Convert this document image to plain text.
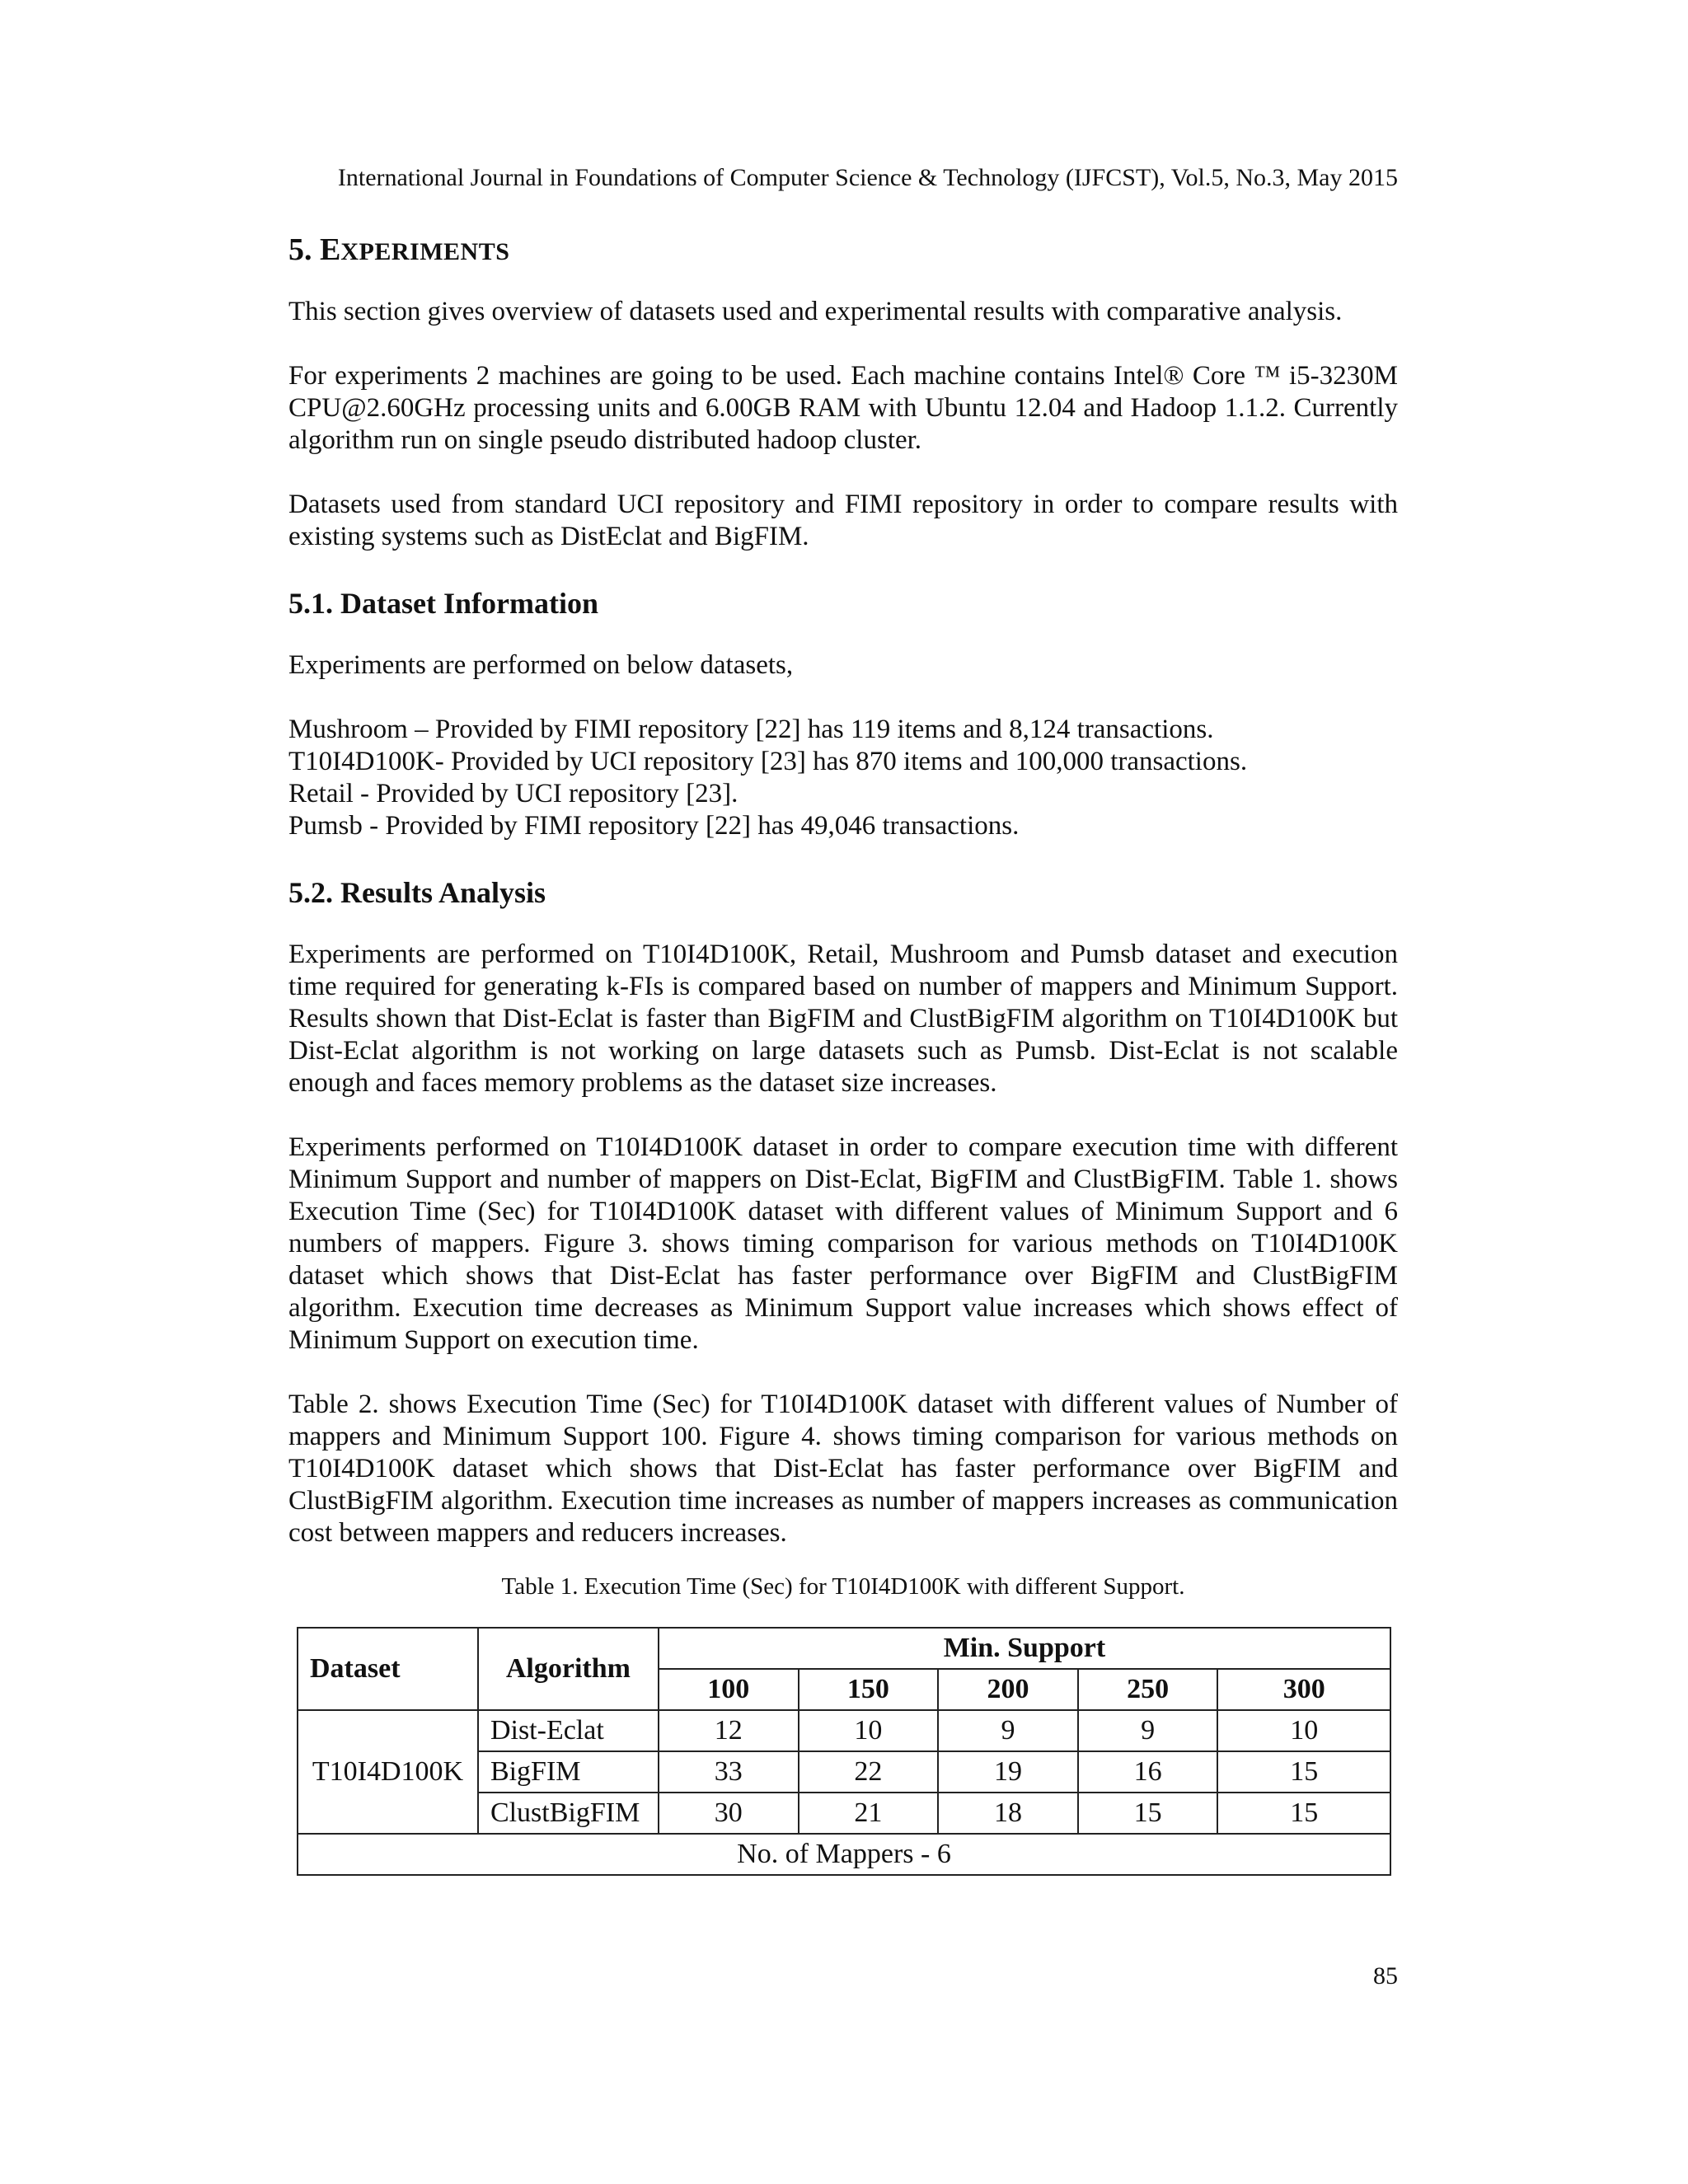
International Journal in Foundations of Computer Science & Technology (IJFCST), Vol.5, No.3, May 2015
5. EXPERIMENTS

This section gives overview of datasets used and experimental results with comparative analysis.

For experiments 2 machines are going to be used. Each machine contains Intel® Core ™ i5-3230M CPU@2.60GHz processing units and 6.00GB RAM with Ubuntu 12.04 and Hadoop 1.1.2. Currently algorithm run on single pseudo distributed hadoop cluster.

Datasets used from standard UCI repository and FIMI repository in order to compare results with existing systems such as DistEclat and BigFIM.

5.1. Dataset Information

Experiments are performed on below datasets,

Mushroom – Provided by FIMI repository [22] has 119 items and 8,124 transactions.
T10I4D100K- Provided by UCI repository [23] has 870 items and 100,000 transactions.
Retail - Provided by UCI repository [23].
Pumsb - Provided by FIMI repository [22] has 49,046 transactions.
5.2. Results Analysis

Experiments are performed on T10I4D100K, Retail, Mushroom and Pumsb dataset and execution time required for generating k-FIs is compared based on number of mappers and Minimum Support. Results shown that Dist-Eclat is faster than BigFIM and ClustBigFIM algorithm on T10I4D100K but Dist-Eclat algorithm is not working on large datasets such as Pumsb. Dist-Eclat is not scalable enough and faces memory problems as the dataset size increases.

Experiments performed on T10I4D100K dataset in order to compare execution time with different Minimum Support and number of mappers on Dist-Eclat, BigFIM and ClustBigFIM. Table 1. shows Execution Time (Sec) for T10I4D100K dataset with different values of Minimum Support and 6 numbers of mappers. Figure 3. shows timing comparison for various methods on T10I4D100K dataset which shows that Dist-Eclat has faster performance over BigFIM and ClustBigFIM algorithm. Execution time decreases as Minimum Support value increases which shows effect of Minimum Support on execution time.

Table 2. shows Execution Time (Sec) for T10I4D100K dataset with different values of Number of mappers and Minimum Support 100. Figure 4. shows timing comparison for various methods on T10I4D100K dataset which shows that Dist-Eclat has faster performance over BigFIM and ClustBigFIM algorithm. Execution time increases as number of mappers increases as communication cost between mappers and reducers increases.

Table 1. Execution Time (Sec) for T10I4D100K with different Support.
Dataset	Algorithm	Min. Support				
		100	150	200	250	300
T10I4D100K	Dist-Eclat	12	10	9	9	10
	BigFIM	33	22	19	16	15
	ClustBigFIM	30	21	18	15	15
No. of Mappers - 6						
85
